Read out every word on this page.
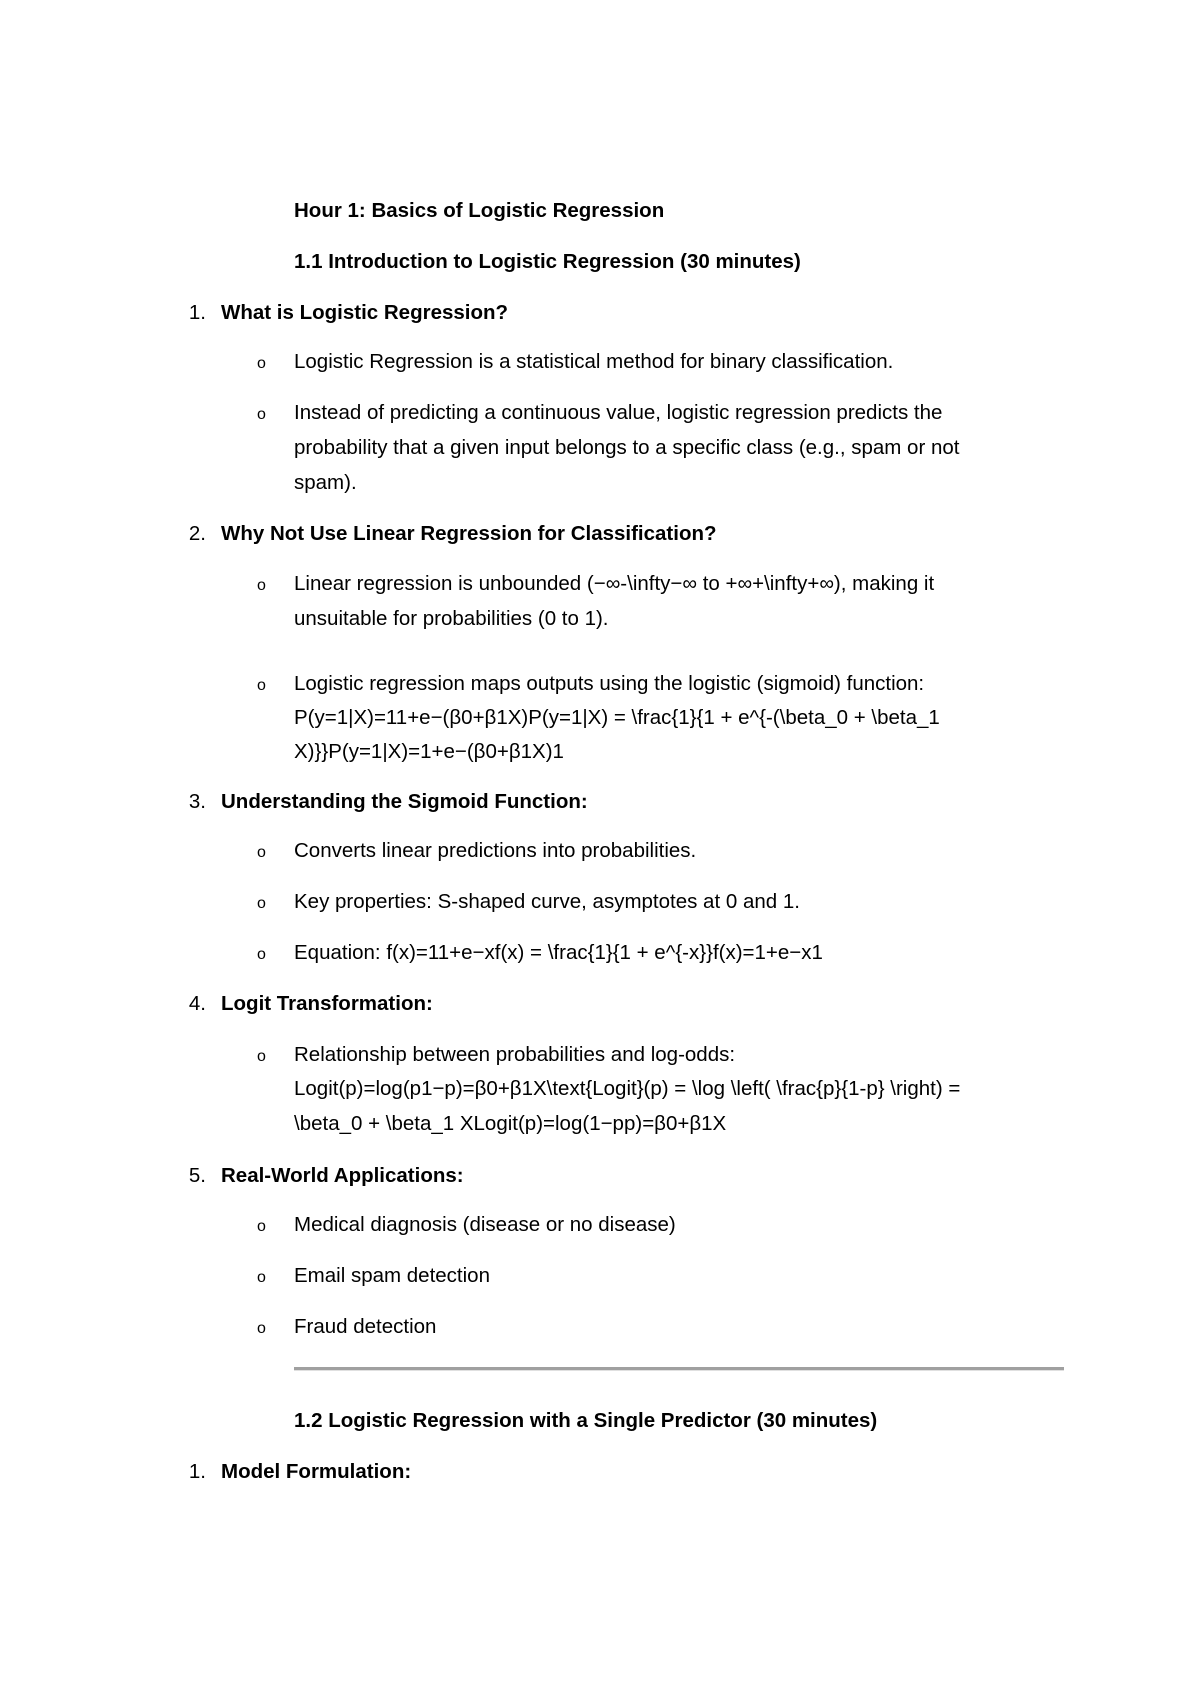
Hour 1: Basics of Logistic Regression
1.1 Introduction to Logistic Regression (30 minutes)
1. What is Logistic Regression?
o Logistic Regression is a statistical method for binary classification.
o Instead of predicting a continuous value, logistic regression predicts the
probability that a given input belongs to a specific class (e.g., spam or not
spam).
2. Why Not Use Linear Regression for Classification?
o Linear regression is unbounded (−∞-\infty−∞ to +∞+\infty+∞), making it
unsuitable for probabilities (0 to 1).
o Logistic regression maps outputs using the logistic (sigmoid) function:
P(y=1|X)=11+e−(β0+β1X)P(y=1|X) = \frac{1}{1 + e^{-(\beta_0 + \beta_1
X)}}P(y=1|X)=1+e−(β0+β1X)1
3. Understanding the Sigmoid Function:
o Converts linear predictions into probabilities.
o Key properties: S-shaped curve, asymptotes at 0 and 1.
o Equation: f(x)=11+e−xf(x) = \frac{1}{1 + e^{-x}}f(x)=1+e−x1
4. Logit Transformation:
o Relationship between probabilities and log-odds:
Logit(p)=log⁡(p1−p)=β0+β1X\text{Logit}(p) = \log \left( \frac{p}{1-p} \right) =
\beta_0 + \beta_1 XLogit(p)=log(1−pp)=β0+β1X
5. Real-World Applications:
o Medical diagnosis (disease or no disease)
o Email spam detection
o Fraud detection
1.2 Logistic Regression with a Single Predictor (30 minutes)
1. Model Formulation:
